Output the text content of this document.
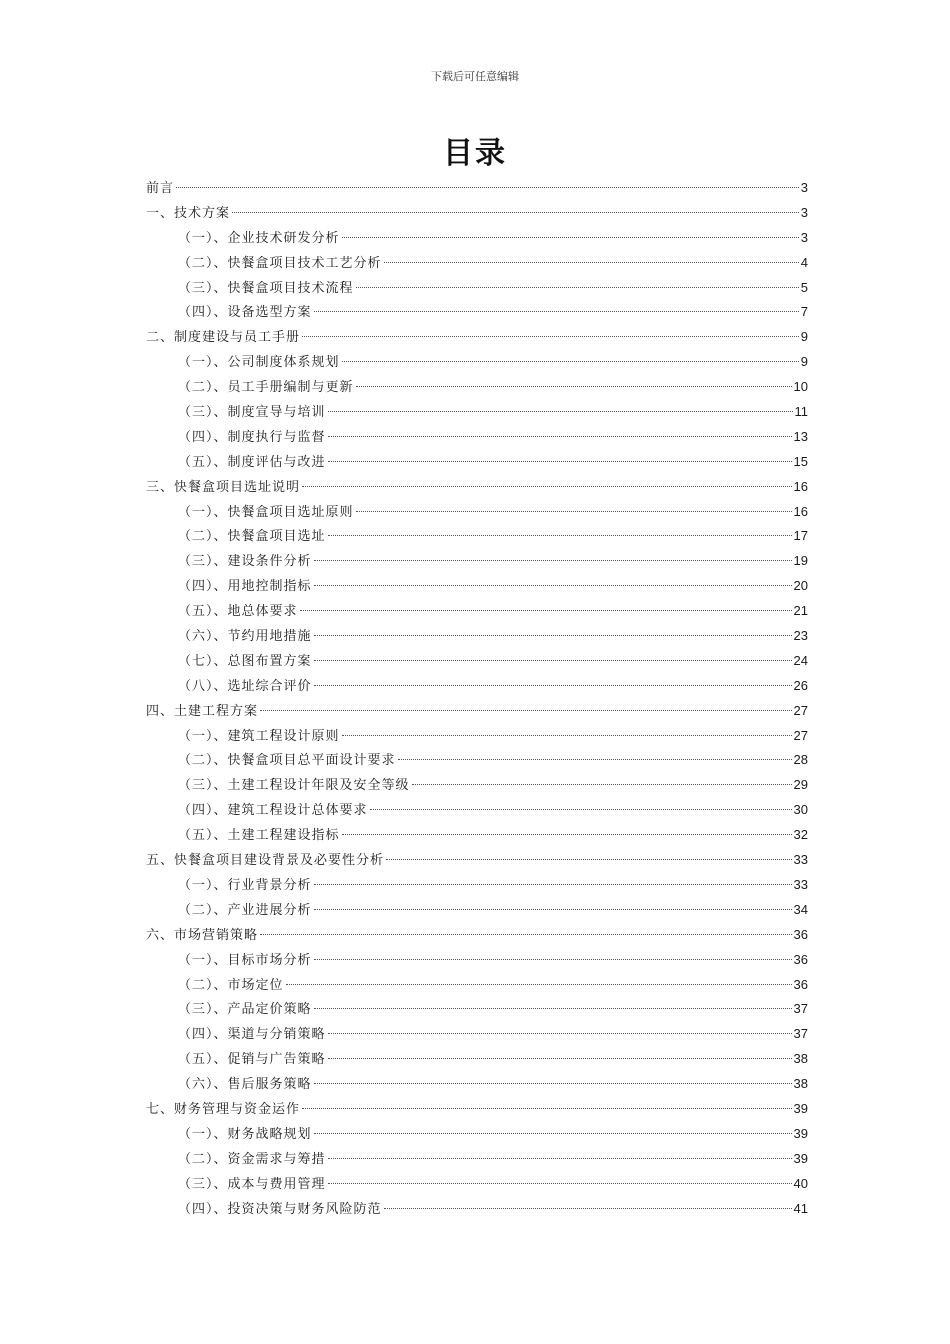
下载后可任意编辑
目录
前言	3
一、技术方案	3
（一）、企业技术研发分析	3
（二）、快餐盒项目技术工艺分析	4
（三）、快餐盒项目技术流程	5
（四）、设备选型方案	7
二、制度建设与员工手册	9
（一）、公司制度体系规划	9
（二）、员工手册编制与更新	10
（三）、制度宣导与培训	11
（四）、制度执行与监督	13
（五）、制度评估与改进	15
三、快餐盒项目选址说明	16
（一）、快餐盒项目选址原则	16
（二）、快餐盒项目选址	17
（三）、建设条件分析	19
（四）、用地控制指标	20
（五）、地总体要求	21
（六）、节约用地措施	23
（七）、总图布置方案	24
（八）、选址综合评价	26
四、土建工程方案	27
（一）、建筑工程设计原则	27
（二）、快餐盒项目总平面设计要求	28
（三）、土建工程设计年限及安全等级	29
（四）、建筑工程设计总体要求	30
（五）、土建工程建设指标	32
五、快餐盒项目建设背景及必要性分析	33
（一）、行业背景分析	33
（二）、产业进展分析	34
六、市场营销策略	36
（一）、目标市场分析	36
（二）、市场定位	36
（三）、产品定价策略	37
（四）、渠道与分销策略	37
（五）、促销与广告策略	38
（六）、售后服务策略	38
七、财务管理与资金运作	39
（一）、财务战略规划	39
（二）、资金需求与筹措	39
（三）、成本与费用管理	40
（四）、投资决策与财务风险防范	41
